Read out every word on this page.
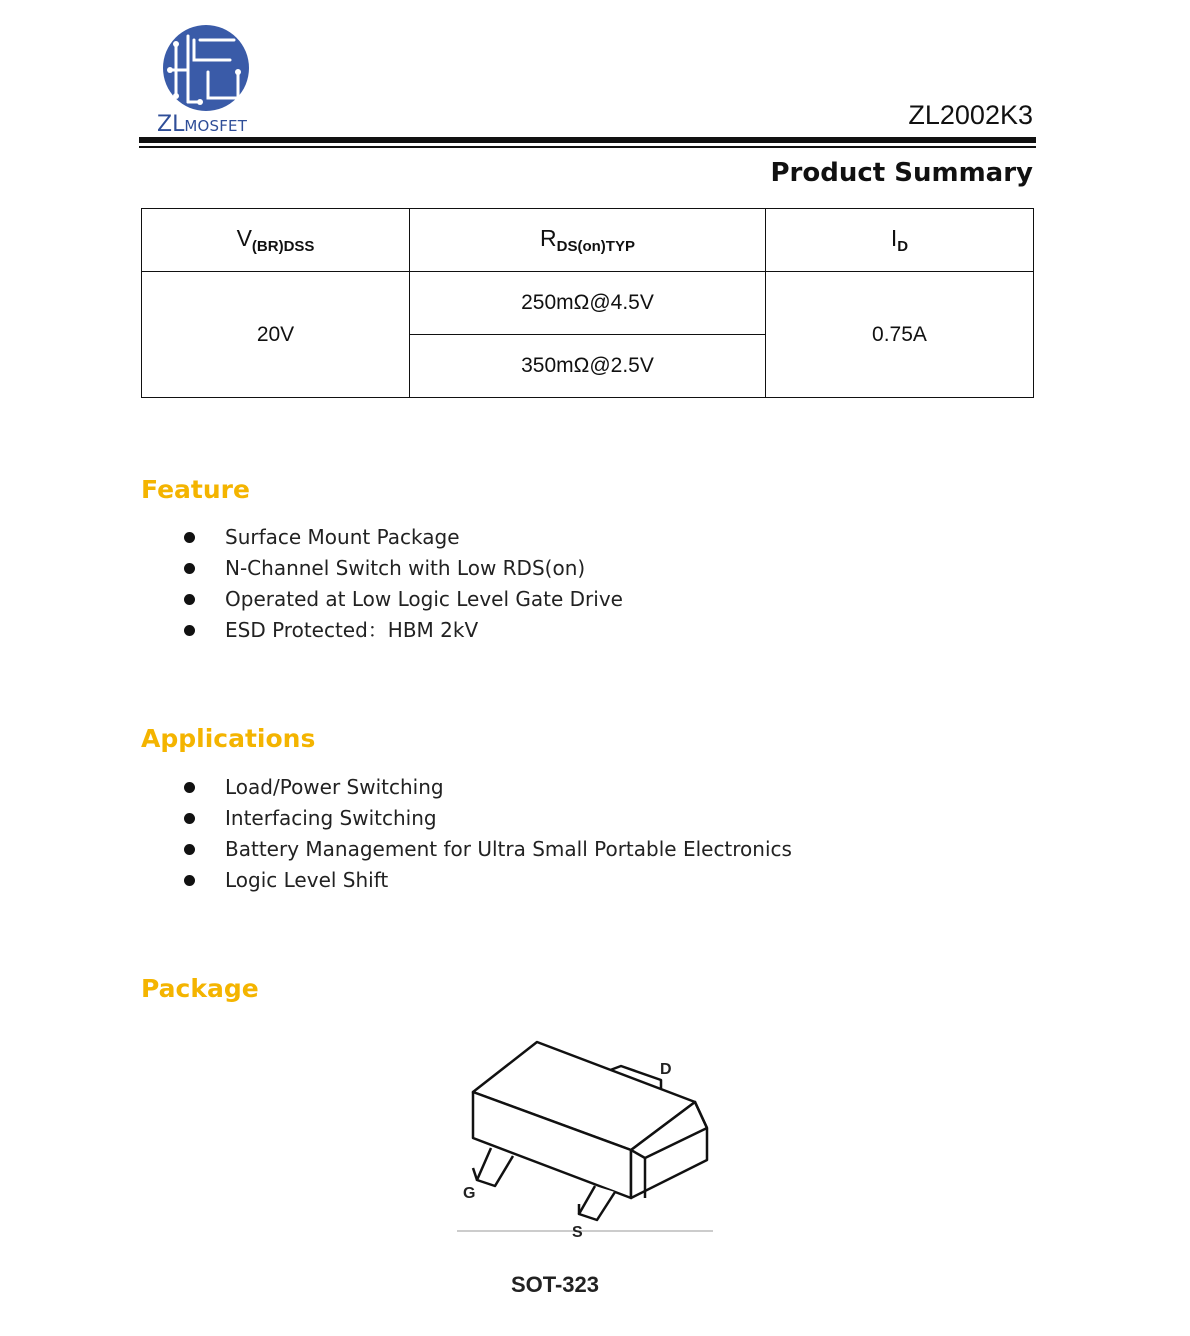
ZLMOSFET	ZL2002K3
Product Summary
$V_{(BR)DSS}$	$R_{DS(on)TYP}$	$I_D$
20V	250mΩ@4.5V	0.75A
	350mΩ@2.5V	
Feature
Surface Mount Package
N-Channel Switch with Low RDS(on)
Operated at Low Logic Level Gate Drive
ESD Protected：HBM 2kV
Applications
Load/Power Switching
Interfacing Switching
Battery Management for Ultra Small Portable Electronics
Logic Level Shift
Package
D
G
S
SOT-323
